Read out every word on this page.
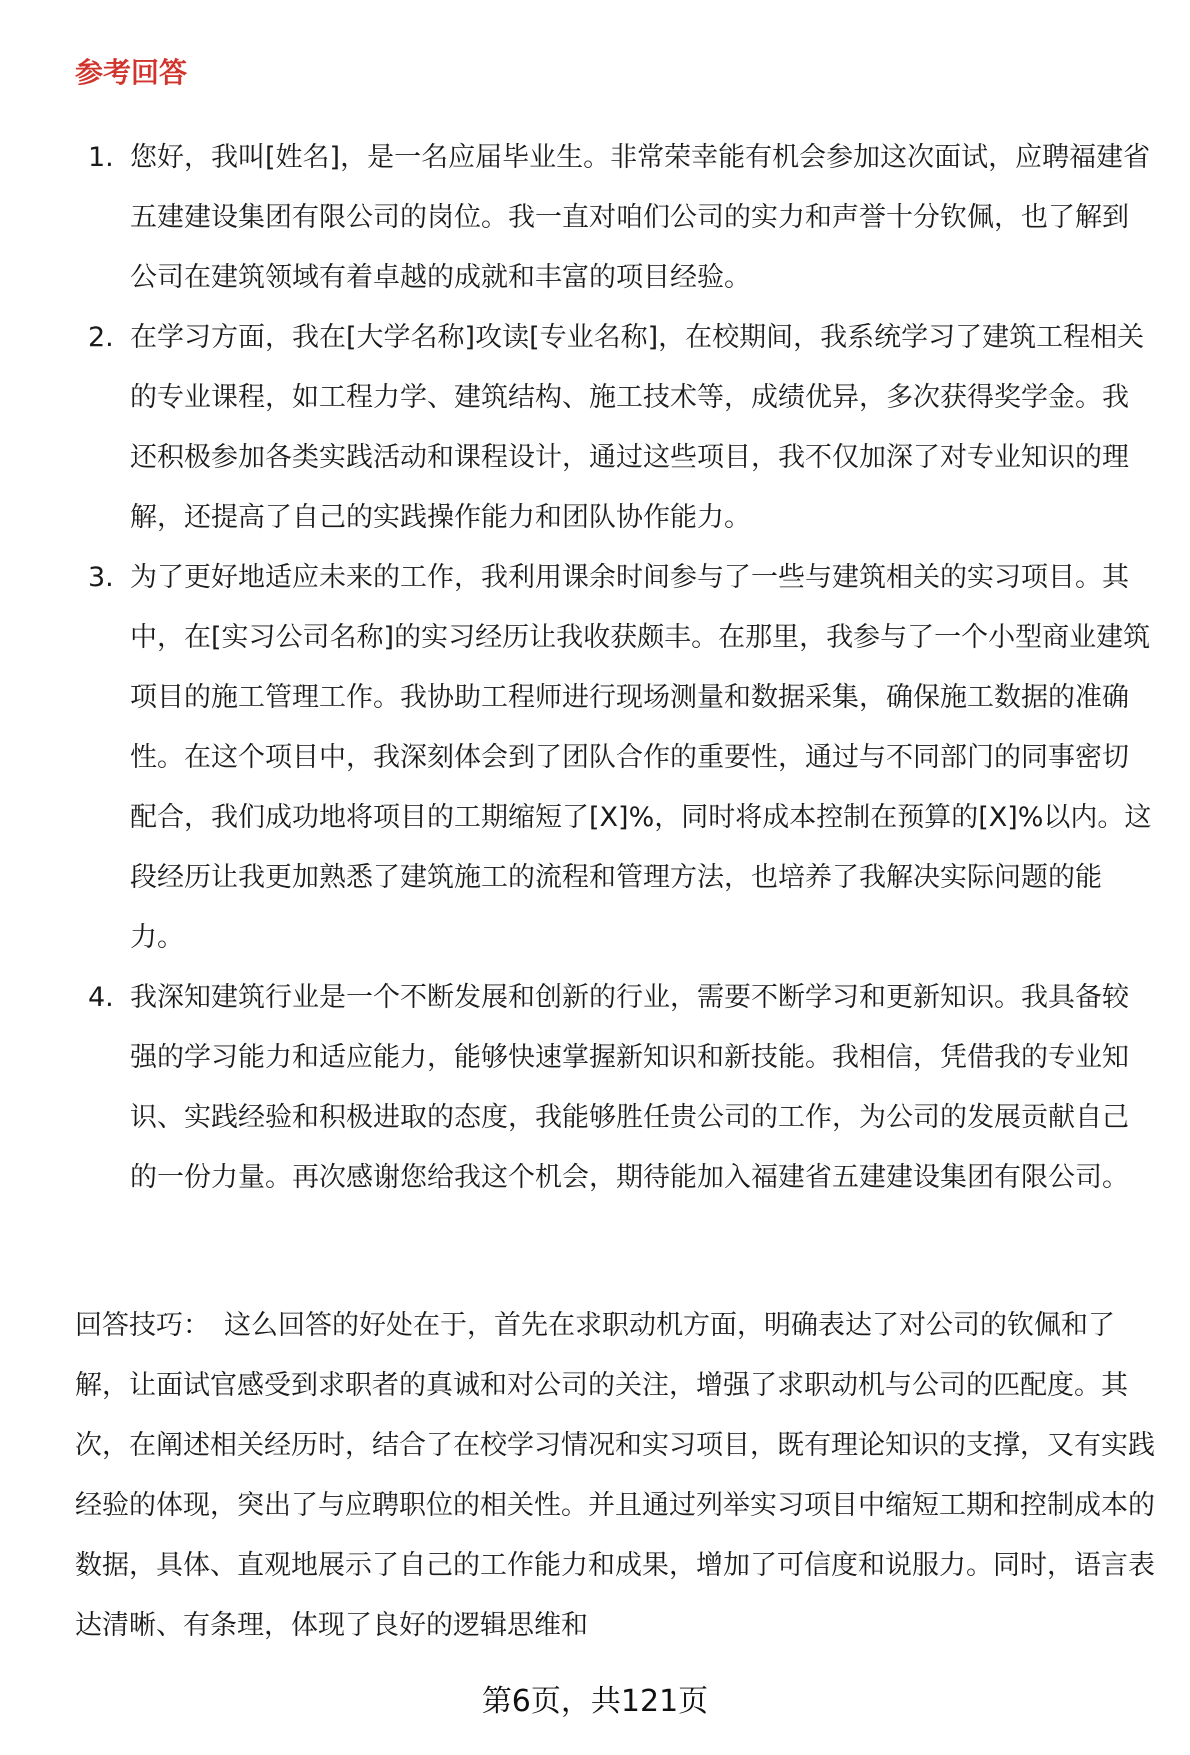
参考回答
1. 您好，我叫[姓名]，是一名应届毕业生。非常荣幸能有机会参加这次面试，应聘福建省五建建设集团有限公司的岗位。我一直对咱们公司的实力和声誉十分钦佩，也了解到公司在建筑领域有着卓越的成就和丰富的项目经验。
2. 在学习方面，我在[大学名称]攻读[专业名称]，在校期间，我系统学习了建筑工程相关的专业课程，如工程力学、建筑结构、施工技术等，成绩优异，多次获得奖学金。我还积极参加各类实践活动和课程设计，通过这些项目，我不仅加深了对专业知识的理解，还提高了自己的实践操作能力和团队协作能力。
3. 为了更好地适应未来的工作，我利用课余时间参与了一些与建筑相关的实习项目。其中，在[实习公司名称]的实习经历让我收获颇丰。在那里，我参与了一个小型商业建筑项目的施工管理工作。我协助工程师进行现场测量和数据采集，确保施工数据的准确性。在这个项目中，我深刻体会到了团队合作的重要性，通过与不同部门的同事密切配合，我们成功地将项目的工期缩短了[X]%，同时将成本控制在预算的[X]%以内。这段经历让我更加熟悉了建筑施工的流程和管理方法，也培养了我解决实际问题的能力。
4. 我深知建筑行业是一个不断发展和创新的行业，需要不断学习和更新知识。我具备较强的学习能力和适应能力，能够快速掌握新知识和新技能。我相信，凭借我的专业知识、实践经验和积极进取的态度，我能够胜任贵公司的工作，为公司的发展贡献自己的一份力量。再次感谢您给我这个机会，期待能加入福建省五建建设集团有限公司。

回答技巧： 这么回答的好处在于，首先在求职动机方面，明确表达了对公司的钦佩和了解，让面试官感受到求职者的真诚和对公司的关注，增强了求职动机与公司的匹配度。其次，在阐述相关经历时，结合了在校学习情况和实习项目，既有理论知识的支撑，又有实践经验的体现，突出了与应聘职位的相关性。并且通过列举实习项目中缩短工期和控制成本的数据，具体、直观地展示了自己的工作能力和成果，增加了可信度和说服力。同时，语言表达清晰、有条理，体现了良好的逻辑思维和

第6页，共121页
